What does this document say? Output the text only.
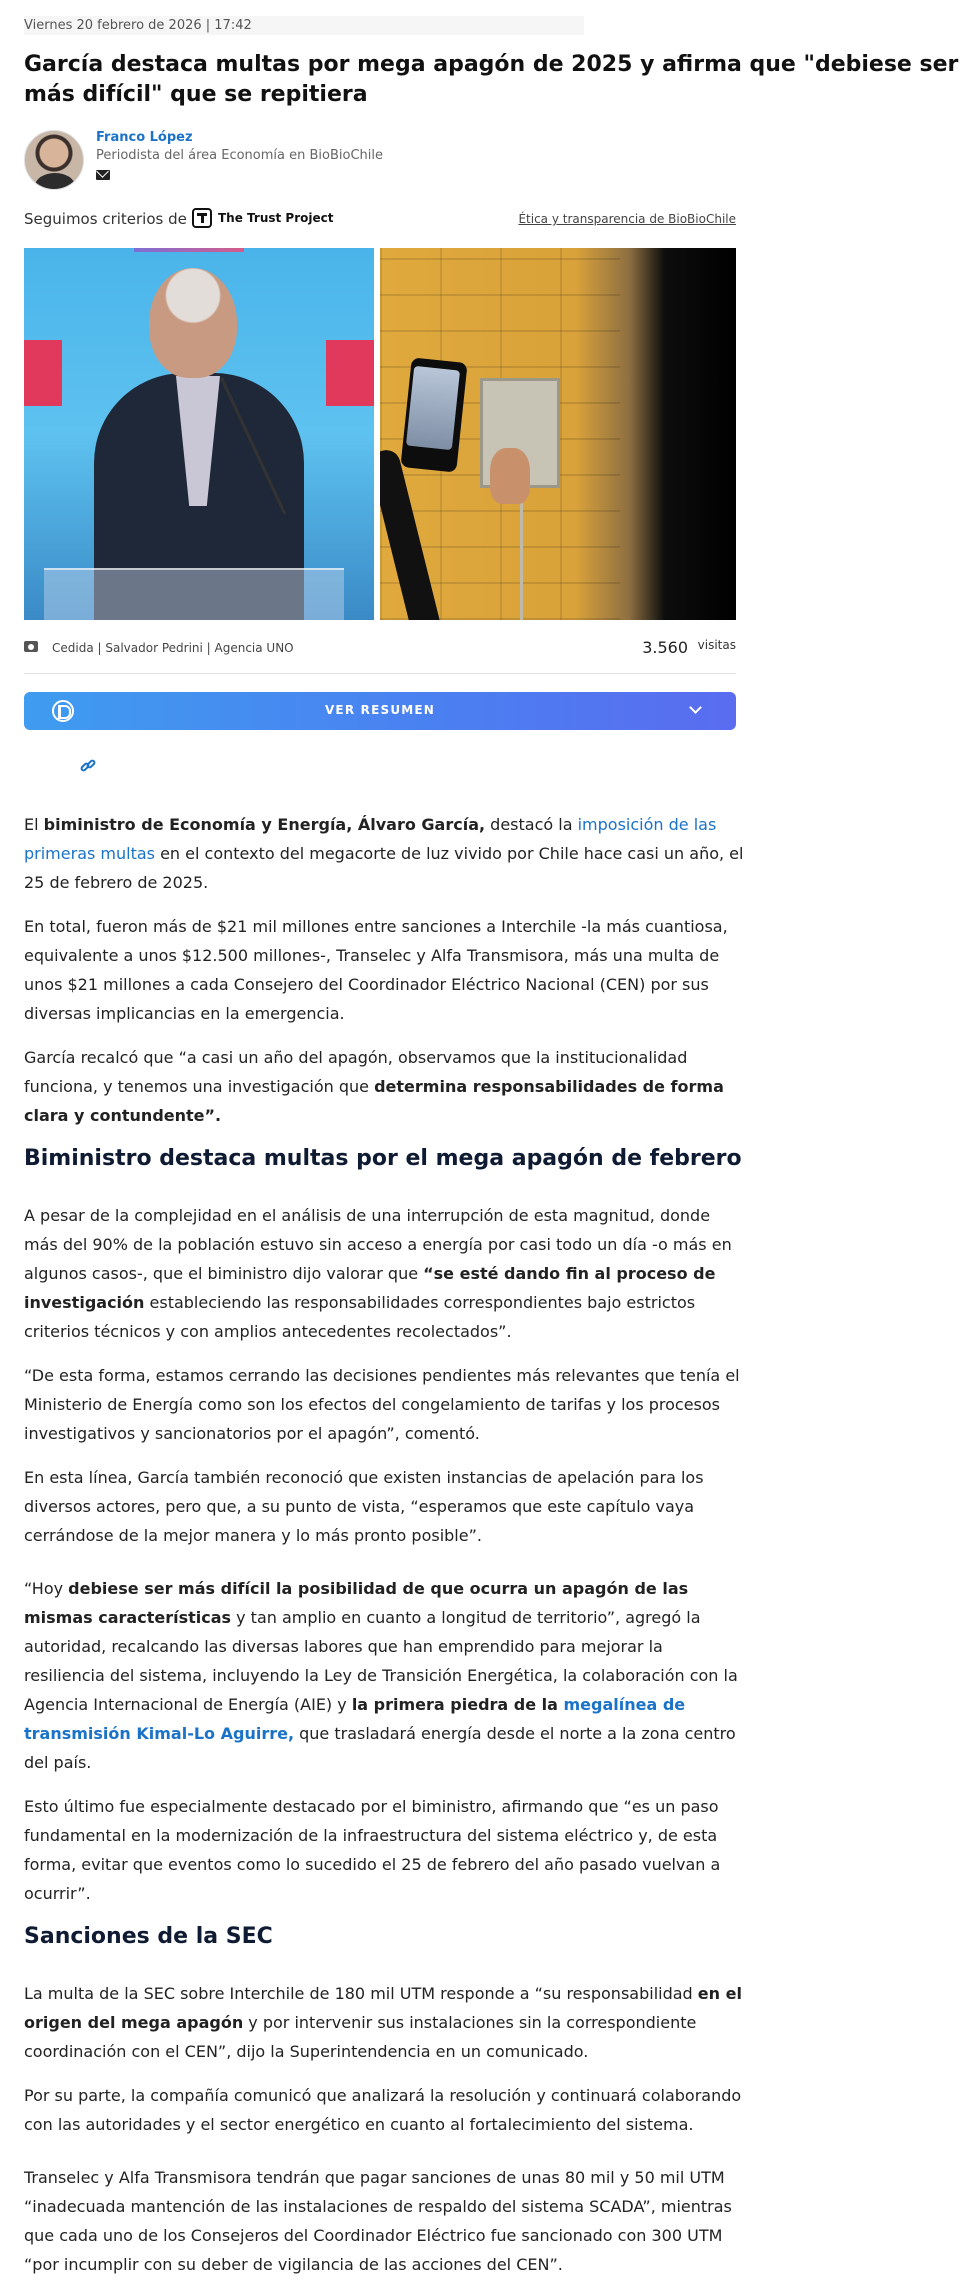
Viernes 20 febrero de 2026 | 17:42
García destaca multas por mega apagón de 2025 y afirma que "debiese ser más difícil" que se repitiera
Franco López
Periodista del área Economía en BioBioChile
Seguimos criterios de	The Trust Project	Ética y transparencia de BioBioChile
Cedida | Salvador Pedrini | Agencia UNO	3.560 visitas
VER RESUMEN

El biministro de Economía y Energía, Álvaro García, destacó la imposición de las primeras multas en el contexto del megacorte de luz vivido por Chile hace casi un año, el 25 de febrero de 2025.

En total, fueron más de $21 mil millones entre sanciones a Interchile -la más cuantiosa, equivalente a unos $12.500 millones-, Transelec y Alfa Transmisora, más una multa de unos $21 millones a cada Consejero del Coordinador Eléctrico Nacional (CEN) por sus diversas implicancias en la emergencia.

García recalcó que “a casi un año del apagón, observamos que la institucionalidad funciona, y tenemos una investigación que determina responsabilidades de forma clara y contundente”.

Biministro destaca multas por el mega apagón de febrero

A pesar de la complejidad en el análisis de una interrupción de esta magnitud, donde más del 90% de la población estuvo sin acceso a energía por casi todo un día -o más en algunos casos-, que el biministro dijo valorar que “se esté dando fin al proceso de investigación estableciendo las responsabilidades correspondientes bajo estrictos criterios técnicos y con amplios antecedentes recolectados”.

“De esta forma, estamos cerrando las decisiones pendientes más relevantes que tenía el Ministerio de Energía como son los efectos del congelamiento de tarifas y los procesos investigativos y sancionatorios por el apagón”, comentó.

En esta línea, García también reconoció que existen instancias de apelación para los diversos actores, pero que, a su punto de vista, “esperamos que este capítulo vaya cerrándose de la mejor manera y lo más pronto posible”.

“Hoy debiese ser más difícil la posibilidad de que ocurra un apagón de las mismas características y tan amplio en cuanto a longitud de territorio”, agregó la autoridad, recalcando las diversas labores que han emprendido para mejorar la resiliencia del sistema, incluyendo la Ley de Transición Energética, la colaboración con la Agencia Internacional de Energía (AIE) y la primera piedra de la megalínea de transmisión Kimal-Lo Aguirre, que trasladará energía desde el norte a la zona centro del país.

Esto último fue especialmente destacado por el biministro, afirmando que “es un paso fundamental en la modernización de la infraestructura del sistema eléctrico y, de esta forma, evitar que eventos como lo sucedido el 25 de febrero del año pasado vuelvan a ocurrir”.

Sanciones de la SEC

La multa de la SEC sobre Interchile de 180 mil UTM responde a “su responsabilidad en el origen del mega apagón y por intervenir sus instalaciones sin la correspondiente coordinación con el CEN”, dijo la Superintendencia en un comunicado.

Por su parte, la compañía comunicó que analizará la resolución y continuará colaborando con las autoridades y el sector energético en cuanto al fortalecimiento del sistema.

Transelec y Alfa Transmisora tendrán que pagar sanciones de unas 80 mil y 50 mil UTM “inadecuada mantención de las instalaciones de respaldo del sistema SCADA”, mientras que cada uno de los Consejeros del Coordinador Eléctrico fue sancionado con 300 UTM “por incumplir con su deber de vigilancia de las acciones del CEN”.
